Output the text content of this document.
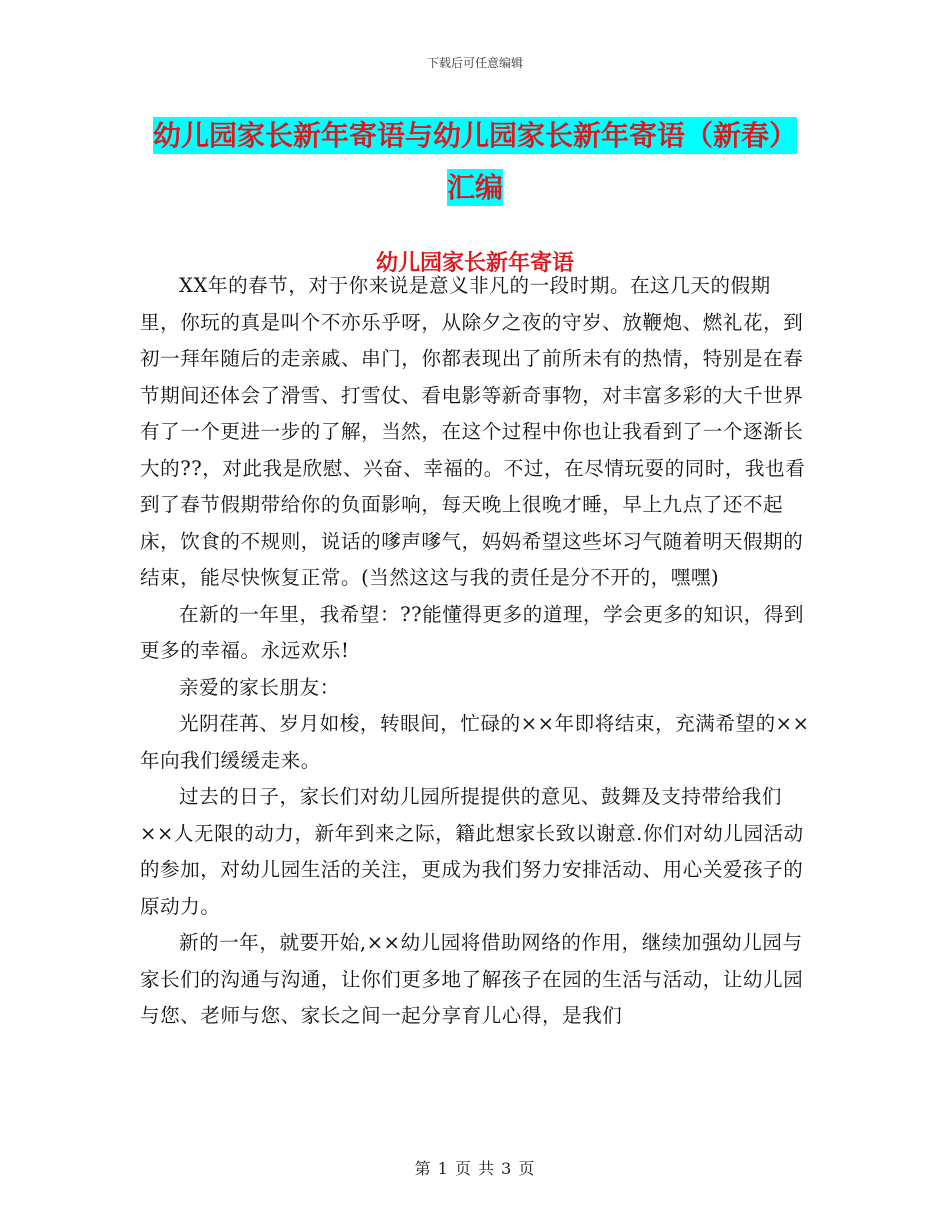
下载后可任意编辑
幼儿园家长新年寄语与幼儿园家长新年寄语（新春）
汇编
幼儿园家长新年寄语

XX年的春节，对于你来说是意义非凡的一段时期。在这几天的假期里，你玩的真是叫个不亦乐乎呀，从除夕之夜的守岁、放鞭炮、燃礼花，到初一拜年随后的走亲戚、串门，你都表现出了前所未有的热情，特别是在春节期间还体会了滑雪、打雪仗、看电影等新奇事物，对丰富多彩的大千世界有了一个更进一步的了解，当然，在这个过程中你也让我看到了一个逐渐长大的??，对此我是欣慰、兴奋、幸福的。不过，在尽情玩耍的同时，我也看到了春节假期带给你的负面影响，每天晚上很晚才睡，早上九点了还不起床，饮食的不规则，说话的嗲声嗲气，妈妈希望这些坏习气随着明天假期的结束，能尽快恢复正常。(当然这这与我的责任是分不开的，嘿嘿)

在新的一年里，我希望：??能懂得更多的道理，学会更多的知识，得到更多的幸福。永远欢乐!

亲爱的家长朋友：

光阴荏苒、岁月如梭，转眼间，忙碌的××年即将结束，充满希望的××年向我们缓缓走来。

过去的日子，家长们对幼儿园所提提供的意见、鼓舞及支持带给我们××人无限的动力，新年到来之际，籍此想家长致以谢意.你们对幼儿园活动的参加，对幼儿园生活的关注，更成为我们努力安排活动、用心关爱孩子的原动力。

新的一年，就要开始,××幼儿园将借助网络的作用，继续加强幼儿园与家长们的沟通与沟通，让你们更多地了解孩子在园的生活与活动，让幼儿园与您、老师与您、家长之间一起分享育儿心得，是我们

第 1 页 共 3 页
